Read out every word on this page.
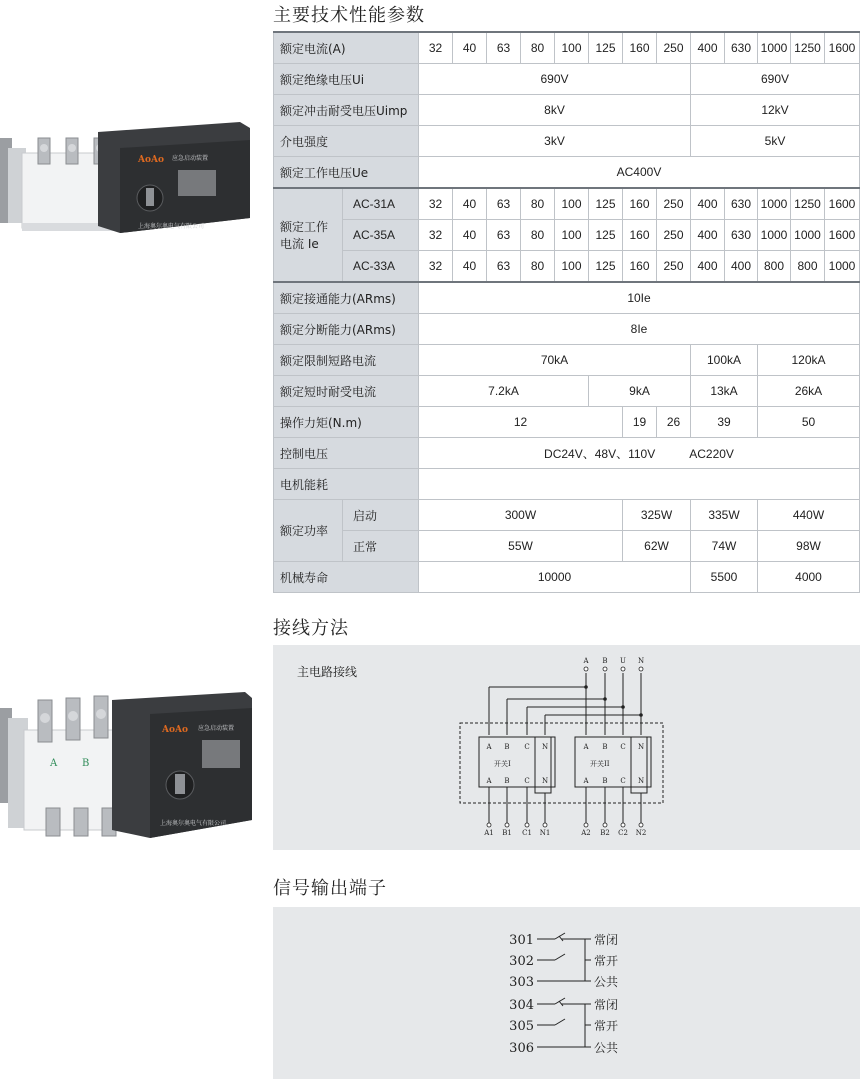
AoAo 应急启动装置
上海奥尔奥电气有限公司
A B
AoAo 应急启动装置
上海奥尔奥电气有限公司
主要技术性能参数
额定电流(A)		32	40	63	80	100	125	160	250	400	630	1000	1250	1600
额定绝缘电压Ui		690V								690V				
额定冲击耐受电压Uimp		8kV								12kV				
介电强度		3kV								5kV				
额定工作电压Ue		AC400V												
额定工作
电流 Ie	AC-31A	32	40	63	80	100	125	160	250	400	630	1000	1250	1600
	AC-35A	32	40	63	80	100	125	160	250	400	630	1000	1000	1600
	AC-33A	32	40	63	80	100	125	160	250	400	400	800	800	1000
额定接通能力(ARms)		10Ie												
额定分断能力(ARms)		8Ie												
额定限制短路电流		70kA								100kA		120kA		
额定短时耐受电流		7.2kA					9kA			13kA		26kA		
操作力矩(N.m)		12						19	26	39		50		
控制电压		DC24V、48V、110V AC220V												
电机能耗														
额定功率	启动	300W						325W		335W		440W		
	正常	55W						62W		74W		98W		
机械寿命		10000								5500		4000		
接线方法
主电路接线
A B U N
A B C N	A B C N
A B C N	A B C N
A1 B1 C1 N1	A2 B2 C2 N2
开关I	开关II
信号输出端子
301
302
303
304
305
306
常闭
常开
公共
常闭
常开
公共
